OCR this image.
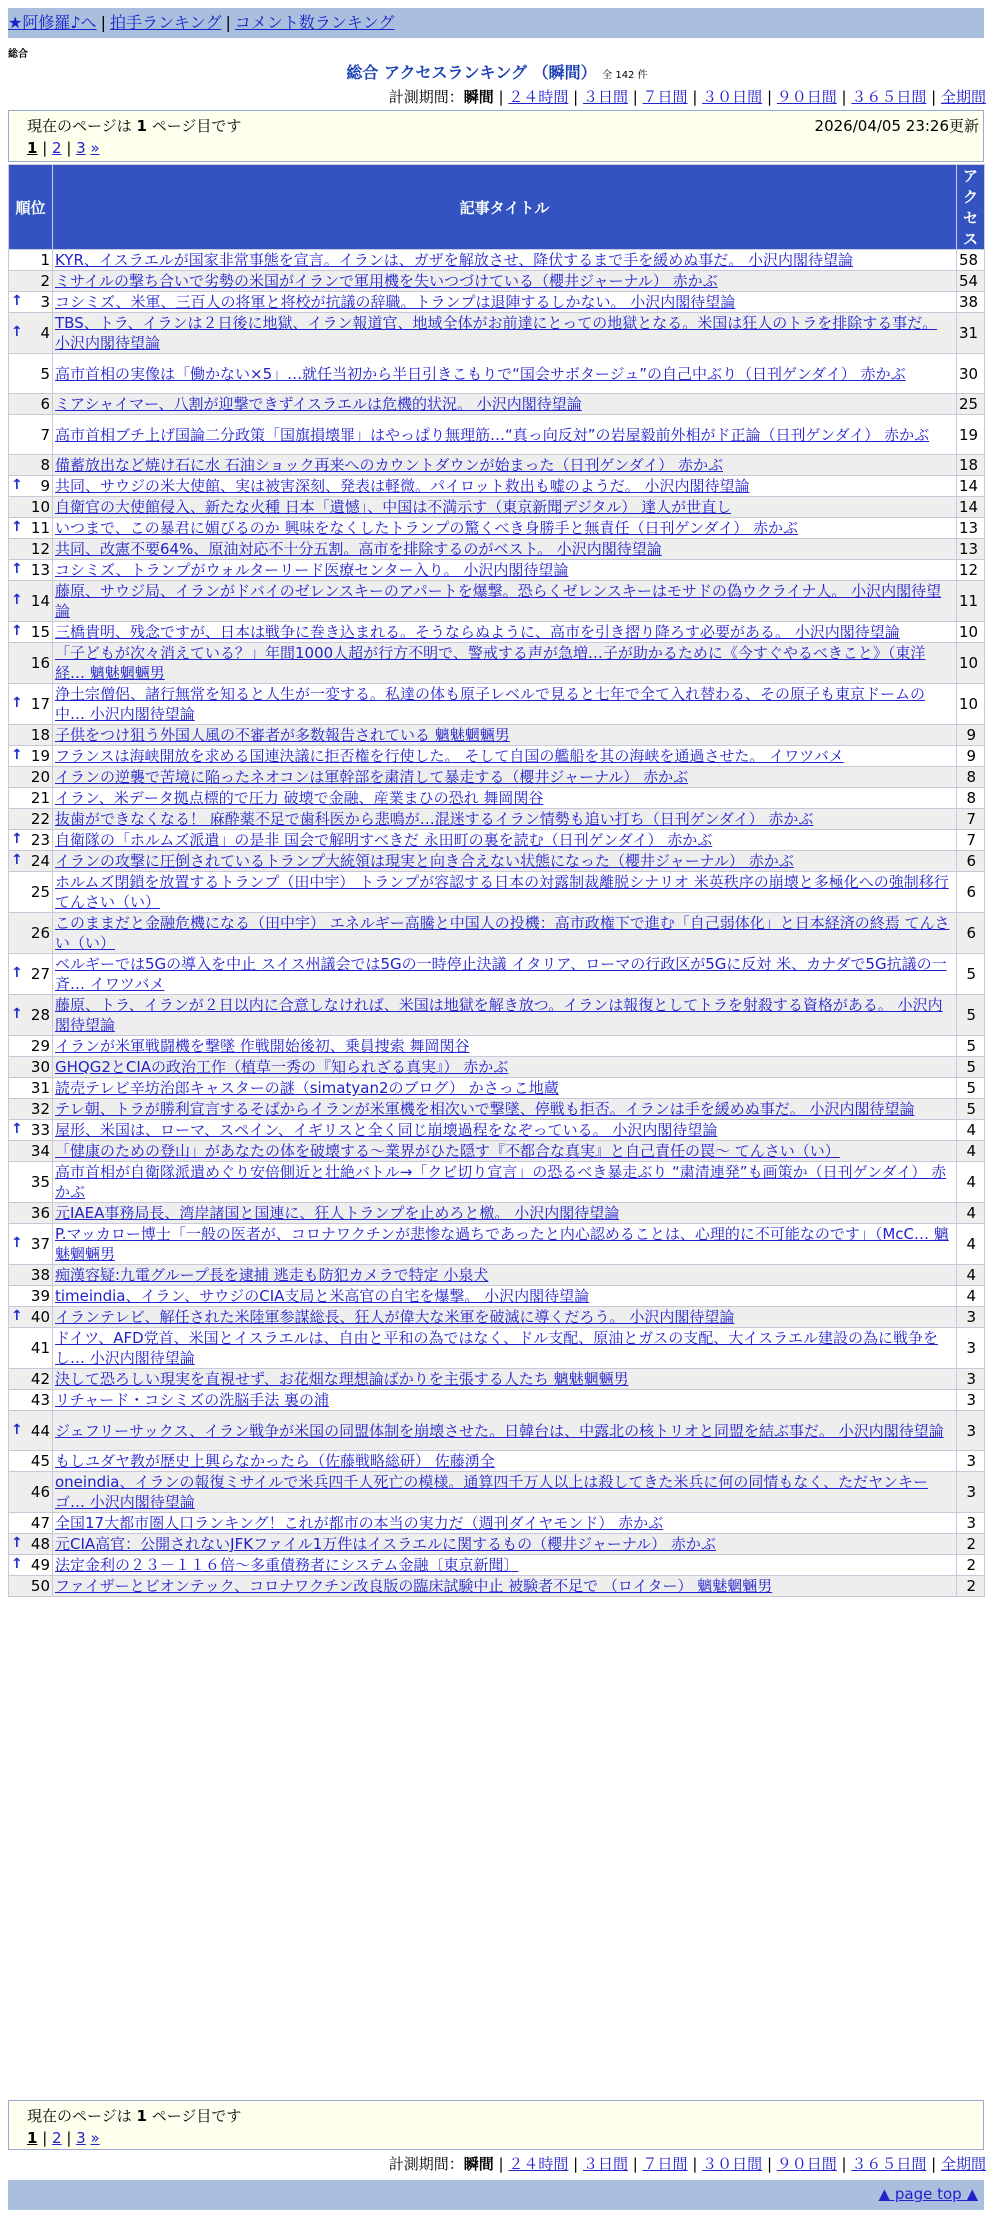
★阿修羅♪へ | 拍手ランキング | コメント数ランキング
総合
総合 アクセスランキング （瞬間） 全 142 件
計測期間：瞬間 | ２４時間 | ３日間 | ７日間 | ３０日間 | ９０日間 | ３６５日間 | 全期間
現在のページは 1 ページ目です	2026/04/05 23:26更新
1 | 2 | 3 »
順位	記事タイトル	アクセス
1	KYR、イスラエルが国家非常事態を宣言。イランは、ガザを解放させ、降伏するまで手を緩めぬ事だ。 小沢内閣待望論	58
2	ミサイルの撃ち合いで劣勢の米国がイランで軍用機を失いつづけている（櫻井ジャーナル） 赤かぶ	54

↑ 3	コシミズ、米軍、三百人の将軍と将校が抗議の辞職。トランプは退陣するしかない。 小沢内閣待望論	38

↑ 4	TBS、トラ、イランは２日後に地獄、イラン報道官、地域全体がお前達にとっての地獄となる。米国は狂人のトラを排除する事だ。 小沢内閣待望論	31
5	高市首相の実像は「働かない×5」…就任当初から半日引きこもりで“国会サボタージュ”の自己中ぶり（日刊ゲンダイ） 赤かぶ	30
6	ミアシャイマー、八割が迎撃できずイスラエルは危機的状況。 小沢内閣待望論	25
7	高市首相ブチ上げ国論二分政策「国旗損壊罪」はやっぱり無理筋…“真っ向反対”の岩屋毅前外相がド正論（日刊ゲンダイ） 赤かぶ	19
8	備蓄放出など焼け石に水 石油ショック再来へのカウントダウンが始まった（日刊ゲンダイ） 赤かぶ	18

↑ 9	共同、サウジの米大使館、実は被害深刻、発表は軽微。パイロット救出も嘘のようだ。 小沢内閣待望論	14
10	自衛官の大使館侵入、新たな火種 日本「遺憾」、中国は不満示す（東京新聞デジタル） 達人が世直し	14

↑ 11	いつまで、この暴君に媚びるのか 興味をなくしたトランプの驚くべき身勝手と無責任（日刊ゲンダイ） 赤かぶ	13
12	共同、改憲不要64%、原油対応不十分五割。高市を排除するのがベスト。 小沢内閣待望論	13

↑ 13	コシミズ、トランプがウォルターリード医療センター入り。 小沢内閣待望論	12

↑ 14	藤原、サウジ局、イランがドバイのゼレンスキーのアパートを爆撃。恐らくゼレンスキーはモサドの偽ウクライナ人。 小沢内閣待望論	11

↑ 15	三橋貴明、残念ですが、日本は戦争に巻き込まれる。そうならぬように、高市を引き摺り降ろす必要がある。 小沢内閣待望論	10
16	「子どもが次々消えている？」年間1000人超が行方不明で、警戒する声が急増…子が助かるために《今すぐやるべきこと》（東洋経… 魑魅魍魎男	10

↑ 17	浄土宗僧侶、諸行無常を知ると人生が一変する。私達の体も原子レベルで見ると七年で全て入れ替わる、その原子も東京ドームの中… 小沢内閣待望論	10
18	子供をつけ狙う外国人風の不審者が多数報告されている 魑魅魍魎男	9

↑ 19	フランスは海峡開放を求める国連決議に拒否権を行使した。 そして自国の艦船を其の海峡を通過させた。 イワツバメ	9
20	イランの逆襲で苦境に陥ったネオコンは軍幹部を粛清して暴走する（櫻井ジャーナル） 赤かぶ	8
21	イラン、米データ拠点標的で圧力 破壊で金融、産業まひの恐れ 舞岡関谷	8
22	抜歯ができなくなる！ 麻酔薬不足で歯科医から悲鳴が…混迷するイラン情勢も追い打ち（日刊ゲンダイ） 赤かぶ	7

↑ 23	自衛隊の「ホルムズ派遣」の是非 国会で解明すべきだ 永田町の裏を読む（日刊ゲンダイ） 赤かぶ	7

↑ 24	イランの攻撃に圧倒されているトランプ大統領は現実と向き合えない状態になった（櫻井ジャーナル） 赤かぶ	6
25	ホルムズ閉鎖を放置するトランプ（田中宇） トランプが容認する日本の対露制裁離脱シナリオ 米英秩序の崩壊と多極化への強制移行 てんさい（い）	6
26	このままだと金融危機になる（田中宇） エネルギー高騰と中国人の投機：高市政権下で進む「自己弱体化」と日本経済の終焉 てんさい（い）	6

↑ 27	ベルギーでは5Gの導入を中止 スイス州議会では5Gの一時停止決議 イタリア、ローマの行政区が5Gに反対 米、カナダで5G抗議の一斉… イワツバメ	5

↑ 28	藤原、トラ、イランが２日以内に合意しなければ、米国は地獄を解き放つ。イランは報復としてトラを射殺する資格がある。 小沢内閣待望論	5
29	イランが米軍戦闘機を撃墜 作戦開始後初、乗員捜索 舞岡関谷	5
30	GHQG2とCIAの政治工作（植草一秀の『知られざる真実』） 赤かぶ	5
31	読売テレビ辛坊治郎キャスターの謎（simatyan2のブログ） かさっこ地蔵	5
32	テレ朝、トラが勝利宣言するそばからイランが米軍機を相次いで撃墜、停戦も拒否。イランは手を緩めぬ事だ。 小沢内閣待望論	5

↑ 33	屋形、米国は、ローマ、スペイン、イギリスと全く同じ崩壊過程をなぞっている。 小沢内閣待望論	4
34	「健康のための登山」があなたの体を破壊する～業界がひた隠す『不都合な真実』と自己責任の罠～ てんさい（い）	4
35	高市首相が自衛隊派遣めぐり安倍側近と壮絶バトル→「クビ切り宣言」の恐るべき暴走ぶり “粛清連発”も画策か（日刊ゲンダイ） 赤かぶ	4
36	元IAEA事務局長、湾岸諸国と国連に、狂人トランプを止めろと檄。 小沢内閣待望論	4

↑ 37	P.マッカロー博士「一般の医者が、コロナワクチンが悲惨な過ちであったと内心認めることは、心理的に不可能なのです」（McC… 魑魅魍魎男	4
38	痴漢容疑:九電グループ長を逮捕 逃走も防犯カメラで特定 小泉犬	4
39	timeindia、イラン、サウジのCIA支局と米高官の自宅を爆撃。 小沢内閣待望論	4

↑ 40	イランテレビ、解任された米陸軍参謀総長、狂人が偉大な米軍を破滅に導くだろう。 小沢内閣待望論	3
41	ドイツ、AFD党首、米国とイスラエルは、自由と平和の為ではなく、ドル支配、原油とガスの支配、大イスラエル建設の為に戦争をし… 小沢内閣待望論	3
42	決して恐ろしい現実を直視せず、お花畑な理想論ばかりを主張する人たち 魑魅魍魎男	3
43	リチャード・コシミズの洗脳手法 裏の浦	3

↑ 44	ジェフリーサックス、イラン戦争が米国の同盟体制を崩壊させた。日韓台は、中露北の核トリオと同盟を結ぶ事だ。 小沢内閣待望論	3
45	もしユダヤ教が歴史上興らなかったら（佐藤戦略総研） 佐藤湧全	3
46	oneindia、イランの報復ミサイルで米兵四千人死亡の模様。通算四千万人以上は殺してきた米兵に何の同情もなく、ただヤンキーゴ… 小沢内閣待望論	3
47	全国17大都市圏人口ランキング！これが都市の本当の実力だ（週刊ダイヤモンド） 赤かぶ	3

↑ 48	元CIA高官：公開されないJFKファイル1万件はイスラエルに関するもの（櫻井ジャーナル） 赤かぶ	2

↑ 49	法定金利の２３－１１６倍〜多重債務者にシステム金融〔東京新聞〕	2
50	ファイザーとビオンテック、コロナワクチン改良版の臨床試験中止 被験者不足で （ロイター） 魑魅魍魎男	2
現在のページは 1 ページ目です
1 | 2 | 3 »
計測期間：瞬間 | ２４時間 | ３日間 | ７日間 | ３０日間 | ９０日間 | ３６５日間 | 全期間
▲ page top ▲
